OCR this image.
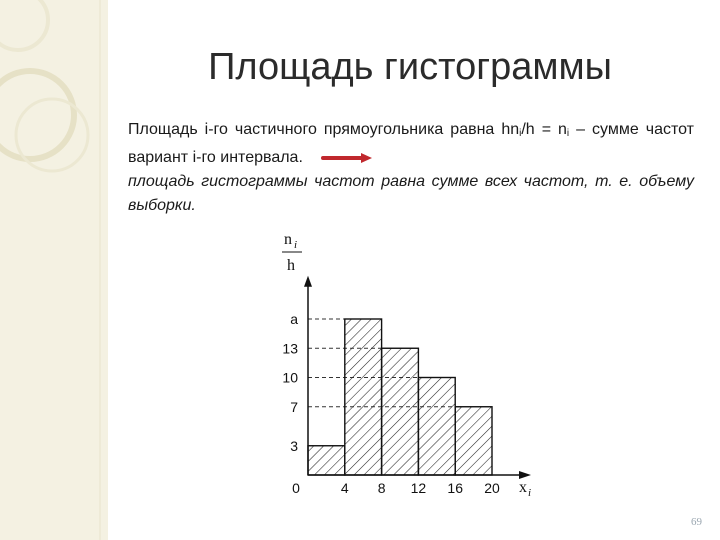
Площадь гистограммы
Площадь i-го частичного прямоугольника равна $hn_i/h = n_i$ – сумме частот вариант i-го интервала.
площадь гистограммы частот равна сумме всех частот, т. е. объему выборки.
0	4 8 12 16 20
3
7
10
13
a
n i
h
x i
69
